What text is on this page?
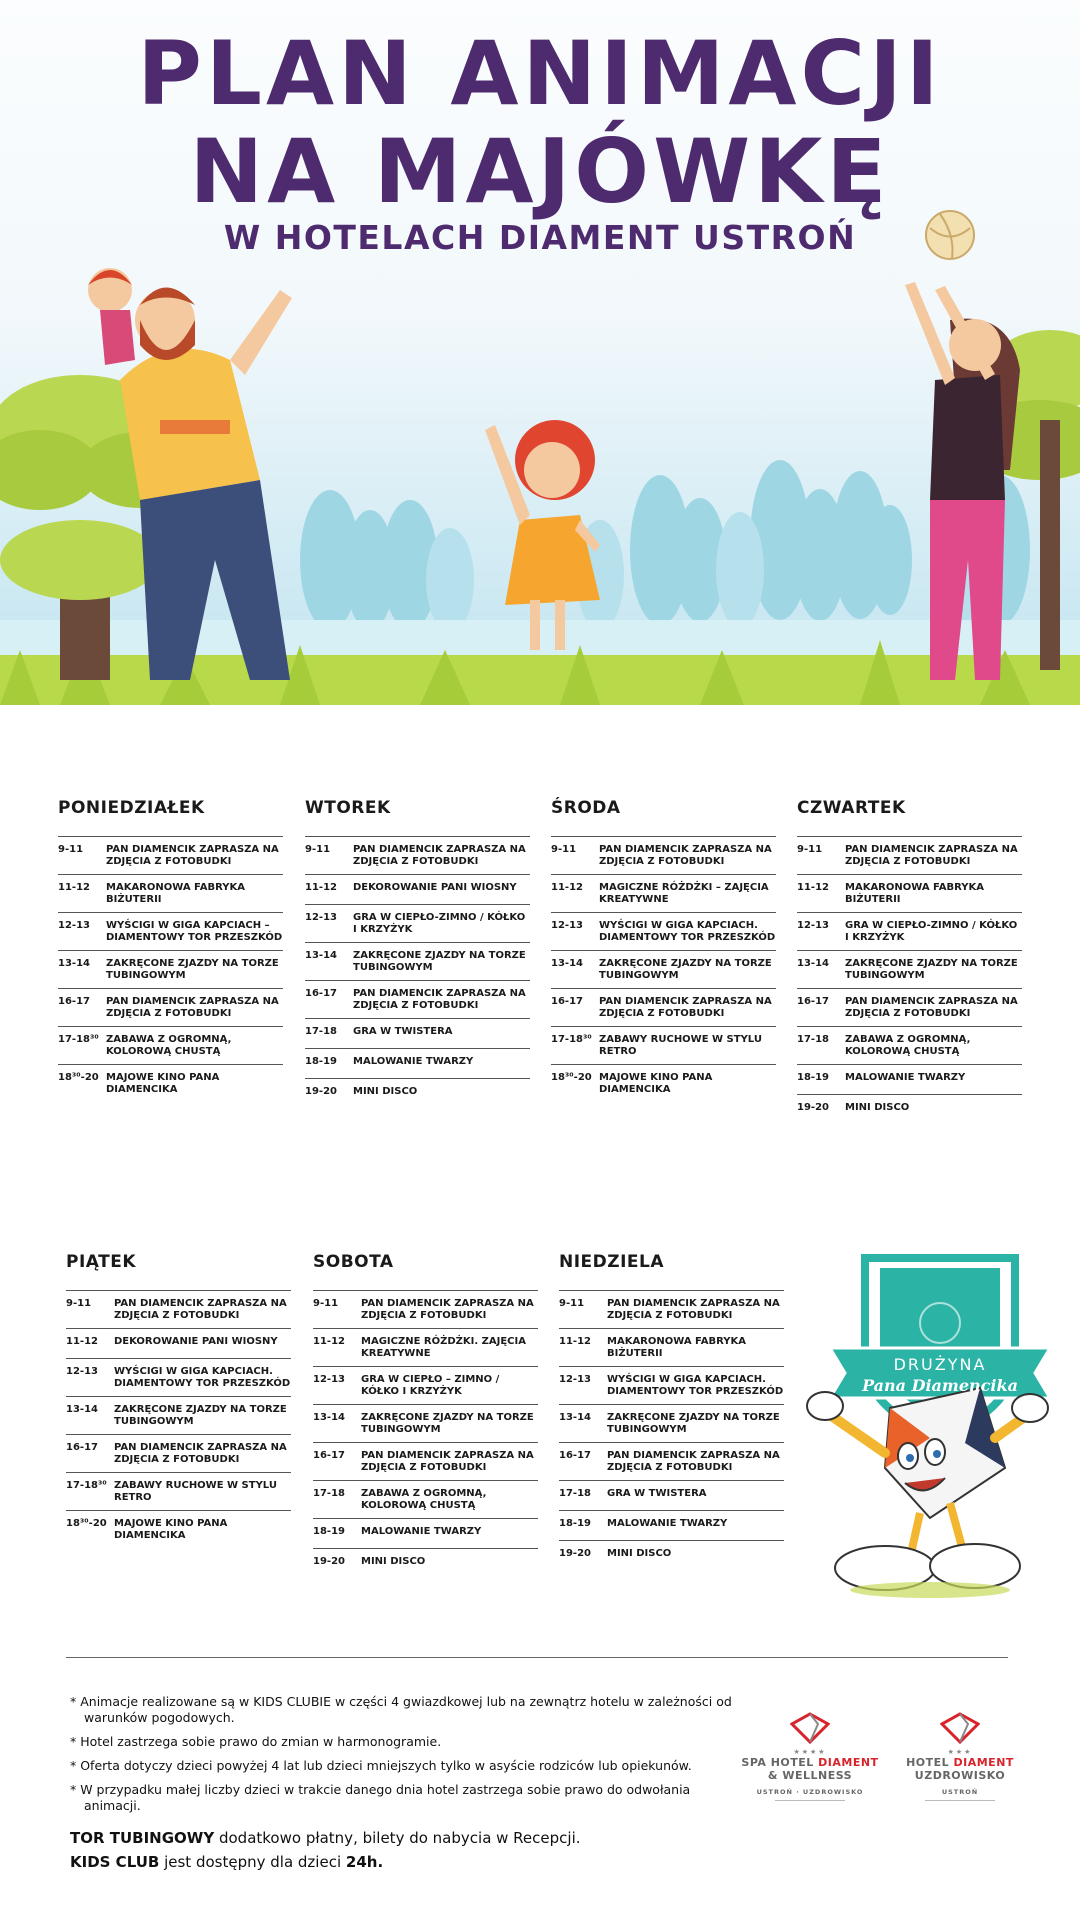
PLAN ANIMACJI
NA MAJÓWKĘ
W HOTELACH DIAMENT USTROŃ
PONIEDZIAŁEK
9-11	PAN DIAMENCIK ZAPRASZA NA ZDJĘCIA Z FOTOBUDKI
11-12	MAKARONOWA FABRYKA BIŻUTERII
12-13	WYŚCIGI W GIGA KAPCIACH – DIAMENTOWY TOR PRZESZKÓD
13-14	ZAKRĘCONE ZJAZDY NA TORZE TUBINGOWYM
16-17	PAN DIAMENCIK ZAPRASZA NA ZDJĘCIA Z FOTOBUDKI
17-18³⁰ ZABAWA Z OGROMNĄ, KOLOROWĄ CHUSTĄ
18³⁰-20 MAJOWE KINO PANA DIAMENCIKA
WTOREK
9-11	PAN DIAMENCIK ZAPRASZA NA ZDJĘCIA Z FOTOBUDKI
11-12	DEKOROWANIE PANI WIOSNY
12-13	GRA W CIEPŁO-ZIMNO / KÓŁKO I KRZYŻYK
13-14	ZAKRĘCONE ZJAZDY NA TORZE TUBINGOWYM
16-17	PAN DIAMENCIK ZAPRASZA NA ZDJĘCIA Z FOTOBUDKI
17-18	GRA W TWISTERA
18-19	MALOWANIE TWARZY
19-20	MINI DISCO
ŚRODA
9-11	PAN DIAMENCIK ZAPRASZA NA ZDJĘCIA Z FOTOBUDKI
11-12	MAGICZNE RÓŻDŻKI – ZAJĘCIA KREATYWNE
12-13	WYŚCIGI W GIGA KAPCIACH. DIAMENTOWY TOR PRZESZKÓD
13-14	ZAKRĘCONE ZJAZDY NA TORZE TUBINGOWYM
16-17	PAN DIAMENCIK ZAPRASZA NA ZDJĘCIA Z FOTOBUDKI
17-18³⁰ ZABAWY RUCHOWE W STYLU RETRO
18³⁰-20 MAJOWE KINO PANA DIAMENCIKA
CZWARTEK
9-11	PAN DIAMENCIK ZAPRASZA NA ZDJĘCIA Z FOTOBUDKI
11-12	MAKARONOWA FABRYKA BIŻUTERII
12-13	GRA W CIEPŁO-ZIMNO / KÓŁKO I KRZYŻYK
13-14	ZAKRĘCONE ZJAZDY NA TORZE TUBINGOWYM
16-17	PAN DIAMENCIK ZAPRASZA NA ZDJĘCIA Z FOTOBUDKI
17-18	ZABAWA Z OGROMNĄ, KOLOROWĄ CHUSTĄ
18-19	MALOWANIE TWARZY
19-20	MINI DISCO
PIĄTEK
9-11	PAN DIAMENCIK ZAPRASZA NA ZDJĘCIA Z FOTOBUDKI
11-12	DEKOROWANIE PANI WIOSNY
12-13	WYŚCIGI W GIGA KAPCIACH. DIAMENTOWY TOR PRZESZKÓD
13-14	ZAKRĘCONE ZJAZDY NA TORZE TUBINGOWYM
16-17	PAN DIAMENCIK ZAPRASZA NA ZDJĘCIA Z FOTOBUDKI
17-18³⁰ ZABAWY RUCHOWE W STYLU RETRO
18³⁰-20 MAJOWE KINO PANA DIAMENCIKA
SOBOTA
9-11	PAN DIAMENCIK ZAPRASZA NA ZDJĘCIA Z FOTOBUDKI
11-12	MAGICZNE RÓŻDŻKI. ZAJĘCIA KREATYWNE
12-13	GRA W CIEPŁO – ZIMNO / KÓŁKO I KRZYŻYK
13-14	ZAKRĘCONE ZJAZDY NA TORZE TUBINGOWYM
16-17	PAN DIAMENCIK ZAPRASZA NA ZDJĘCIA Z FOTOBUDKI
17-18	ZABAWA Z OGROMNĄ, KOLOROWĄ CHUSTĄ
18-19	MALOWANIE TWARZY
19-20	MINI DISCO
NIEDZIELA
9-11	PAN DIAMENCIK ZAPRASZA NA ZDJĘCIA Z FOTOBUDKI
11-12	MAKARONOWA FABRYKA BIŻUTERII
12-13	WYŚCIGI W GIGA KAPCIACH. DIAMENTOWY TOR PRZESZKÓD
13-14	ZAKRĘCONE ZJAZDY NA TORZE TUBINGOWYM
16-17	PAN DIAMENCIK ZAPRASZA NA ZDJĘCIA Z FOTOBUDKI
17-18	GRA W TWISTERA
18-19	MALOWANIE TWARZY
19-20	MINI DISCO
DRUŻYNA
Pana Diamencika

* Animacje realizowane są w KIDS CLUBIE w części 4 gwiazdkowej lub na zewnątrz hotelu w zależności od warunków pogodowych.

* Hotel zastrzega sobie prawo do zmian w harmonogramie.

* Oferta dotyczy dzieci powyżej 4 lat lub dzieci mniejszych tylko w asyście rodziców lub opiekunów.

* W przypadku małej liczby dzieci w trakcie danego dnia hotel zastrzega sobie prawo do odwołania animacji.

TOR TUBINGOWY dodatkowo płatny, bilety do nabycia w Recepcji.
KIDS CLUB jest dostępny dla dzieci 24h.
★★★★
SPA HOTEL DIAMENT
& WELLNESS
USTROŃ · UZDROWISKO
★★★
HOTEL DIAMENT
UZDROWISKO
USTROŃ
